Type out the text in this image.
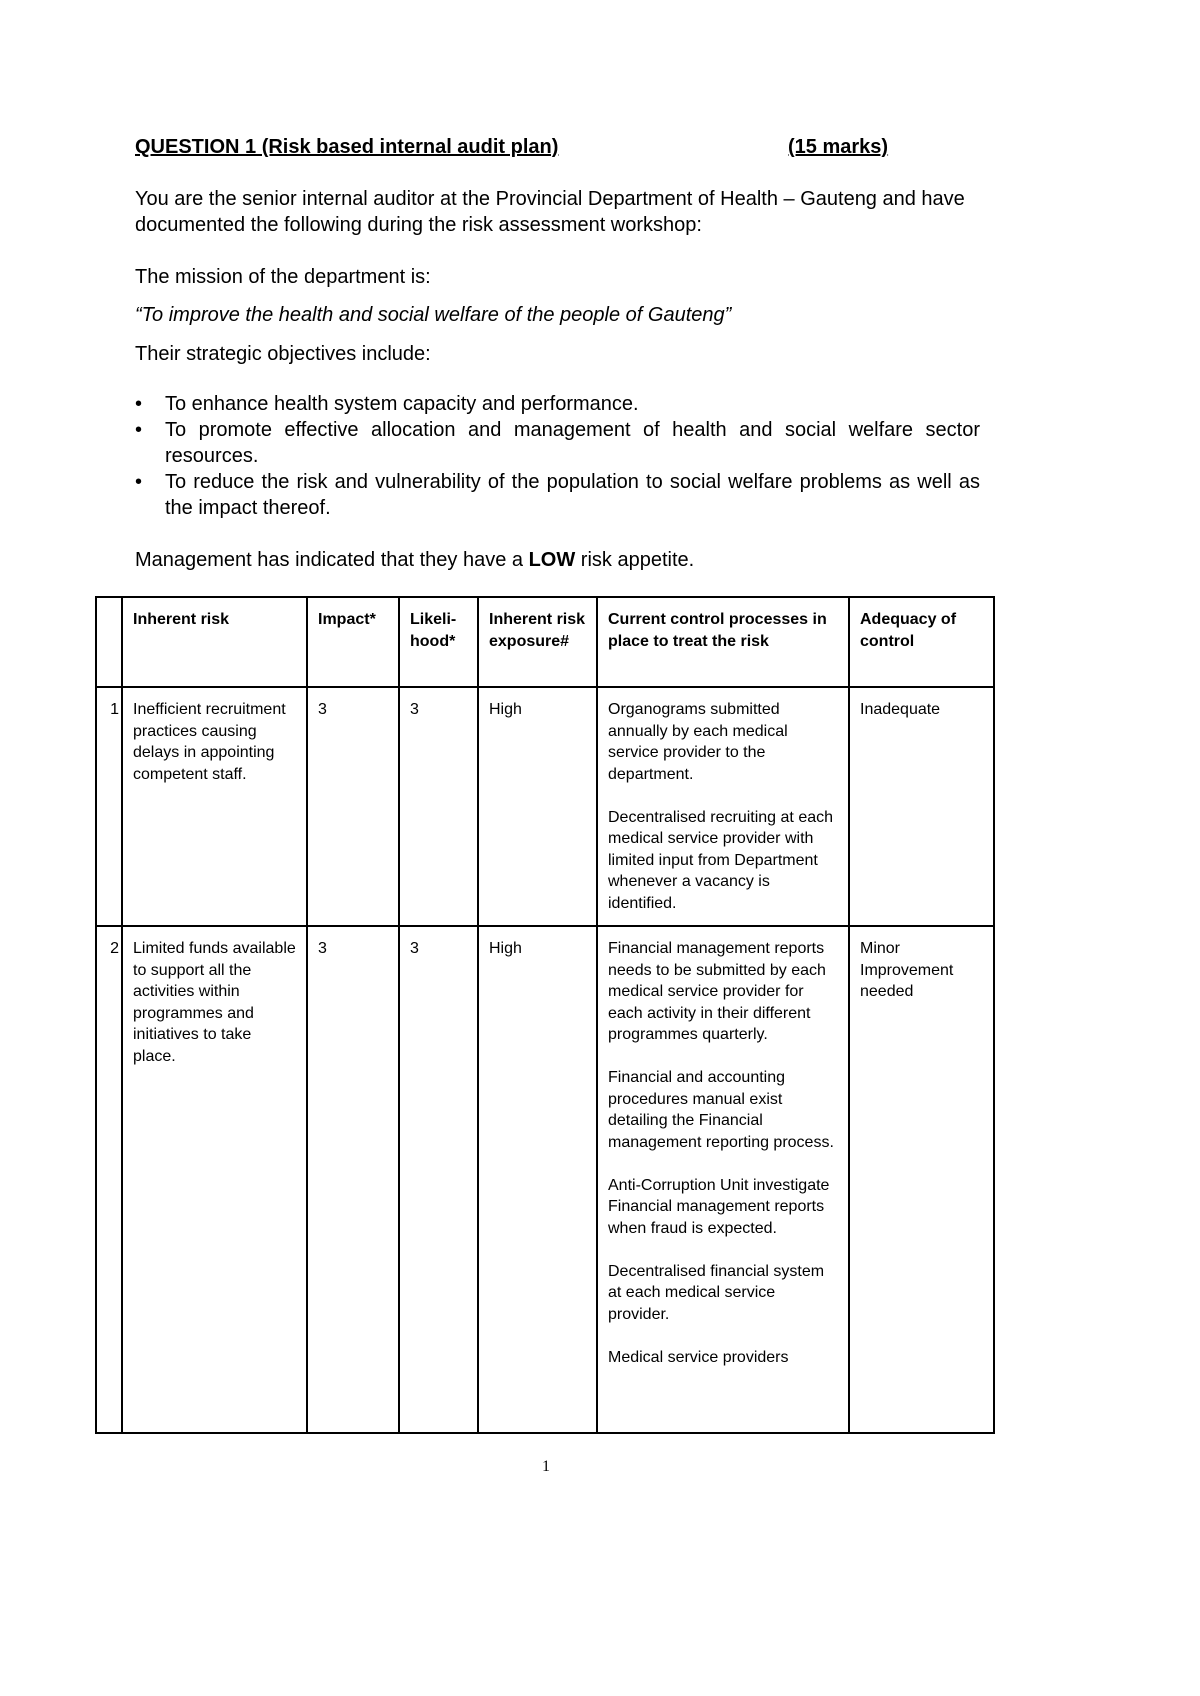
QUESTION 1 (Risk based internal audit plan)	(15 marks)
You are the senior internal auditor at the Provincial Department of Health – Gauteng and have documented the following during the risk assessment workshop:
The mission of the department is:
“To improve the health and social welfare of the people of Gauteng”
Their strategic objectives include:
• To enhance health system capacity and performance.
• To promote effective allocation and management of health and social welfare sector resources.
• To reduce the risk and vulnerability of the population to social welfare problems as well as the impact thereof.
Management has indicated that they have a LOW risk appetite.
	Inherent risk	Impact*	Likeli-hood*	Inherent risk exposure#	Current control processes in place to treat the risk	Adequacy of control
1	Inefficient recruitment practices causing delays in appointing competent staff.	3	3	High	Organograms submitted annually by each medical service provider to the department.

Decentralised recruiting at each medical service provider with limited input from Department whenever a vacancy is identified.	Inadequate
2	Limited funds available to support all the activities within programmes and initiatives to take place.	3	3	High	Financial management reports needs to be submitted by each medical service provider for each activity in their different programmes quarterly.

Financial and accounting procedures manual exist detailing the Financial management reporting process.

Anti-Corruption Unit investigate Financial management reports when fraud is expected.

Decentralised financial system at each medical service provider.

Medical service providers	Minor Improvement needed
1
